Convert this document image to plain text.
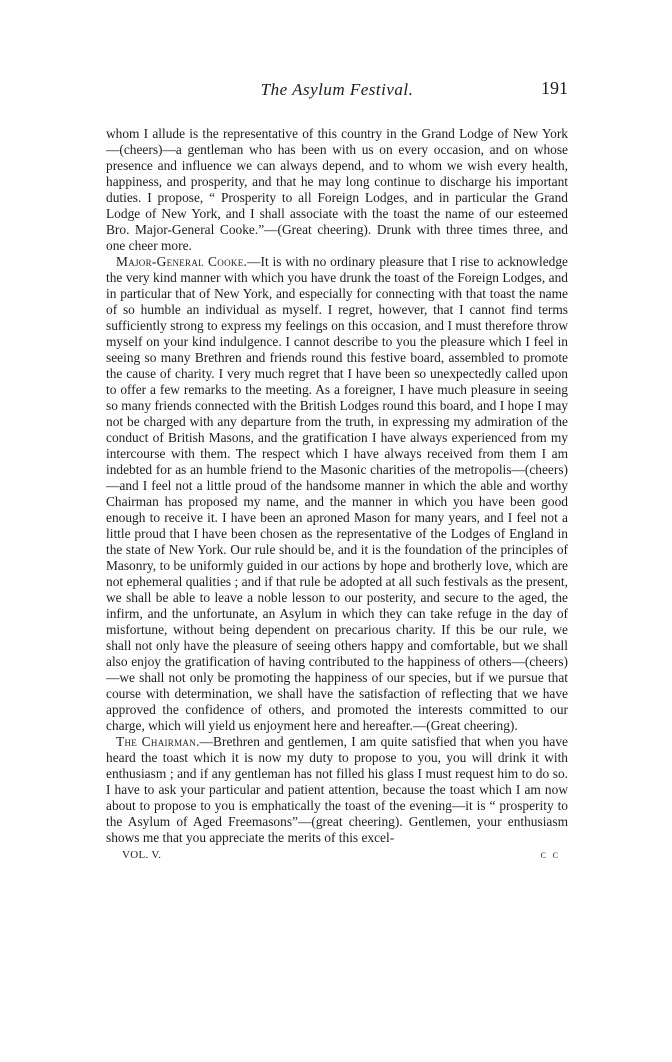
The Asylum Festival.	191

whom I allude is the representative of this country in the Grand Lodge of New York—(cheers)—a gentleman who has been with us on every occasion, and on whose presence and influence we can always depend, and to whom we wish every health, happiness, and prosperity, and that he may long continue to discharge his important duties. I propose, “ Prosperity to all Foreign Lodges, and in particular the Grand Lodge of New York, and I shall associate with the toast the name of our esteemed Bro. Major-General Cooke.”—(Great cheering). Drunk with three times three, and one cheer more.

Major-General Cooke.—It is with no ordinary pleasure that I rise to acknowledge the very kind manner with which you have drunk the toast of the Foreign Lodges, and in particular that of New York, and especially for connecting with that toast the name of so humble an individual as myself. I regret, however, that I cannot find terms sufficiently strong to express my feelings on this occasion, and I must therefore throw myself on your kind indulgence. I cannot describe to you the pleasure which I feel in seeing so many Brethren and friends round this festive board, assembled to promote the cause of charity. I very much regret that I have been so unexpectedly called upon to offer a few remarks to the meeting. As a foreigner, I have much pleasure in seeing so many friends connected with the British Lodges round this board, and I hope I may not be charged with any departure from the truth, in expressing my admiration of the conduct of British Masons, and the gratification I have always experienced from my intercourse with them. The respect which I have always received from them I am indebted for as an humble friend to the Masonic charities of the metropolis—(cheers)—and I feel not a little proud of the handsome manner in which the able and worthy Chairman has proposed my name, and the manner in which you have been good enough to receive it. I have been an aproned Mason for many years, and I feel not a little proud that I have been chosen as the representative of the Lodges of England in the state of New York. Our rule should be, and it is the foundation of the principles of Masonry, to be uniformly guided in our actions by hope and brotherly love, which are not ephemeral qualities ; and if that rule be adopted at all such festivals as the present, we shall be able to leave a noble lesson to our posterity, and secure to the aged, the infirm, and the unfortunate, an Asylum in which they can take refuge in the day of misfortune, without being dependent on precarious charity. If this be our rule, we shall not only have the pleasure of seeing others happy and comfortable, but we shall also enjoy the gratification of having contributed to the happiness of others—(cheers)—we shall not only be promoting the happiness of our species, but if we pursue that course with determination, we shall have the satisfaction of reflecting that we have approved the confidence of others, and promoted the interests committed to our charge, which will yield us enjoyment here and hereafter.—(Great cheering).

The Chairman.—Brethren and gentlemen, I am quite satisfied that when you have heard the toast which it is now my duty to propose to you, you will drink it with enthusiasm ; and if any gentleman has not filled his glass I must request him to do so. I have to ask your particular and patient attention, because the toast which I am now about to propose to you is emphatically the toast of the evening—it is “ prosperity to the Asylum of Aged Freemasons”—(great cheering). Gentlemen, your enthusiasm shows me that you appreciate the merits of this excel-

VOL. V.	c c
